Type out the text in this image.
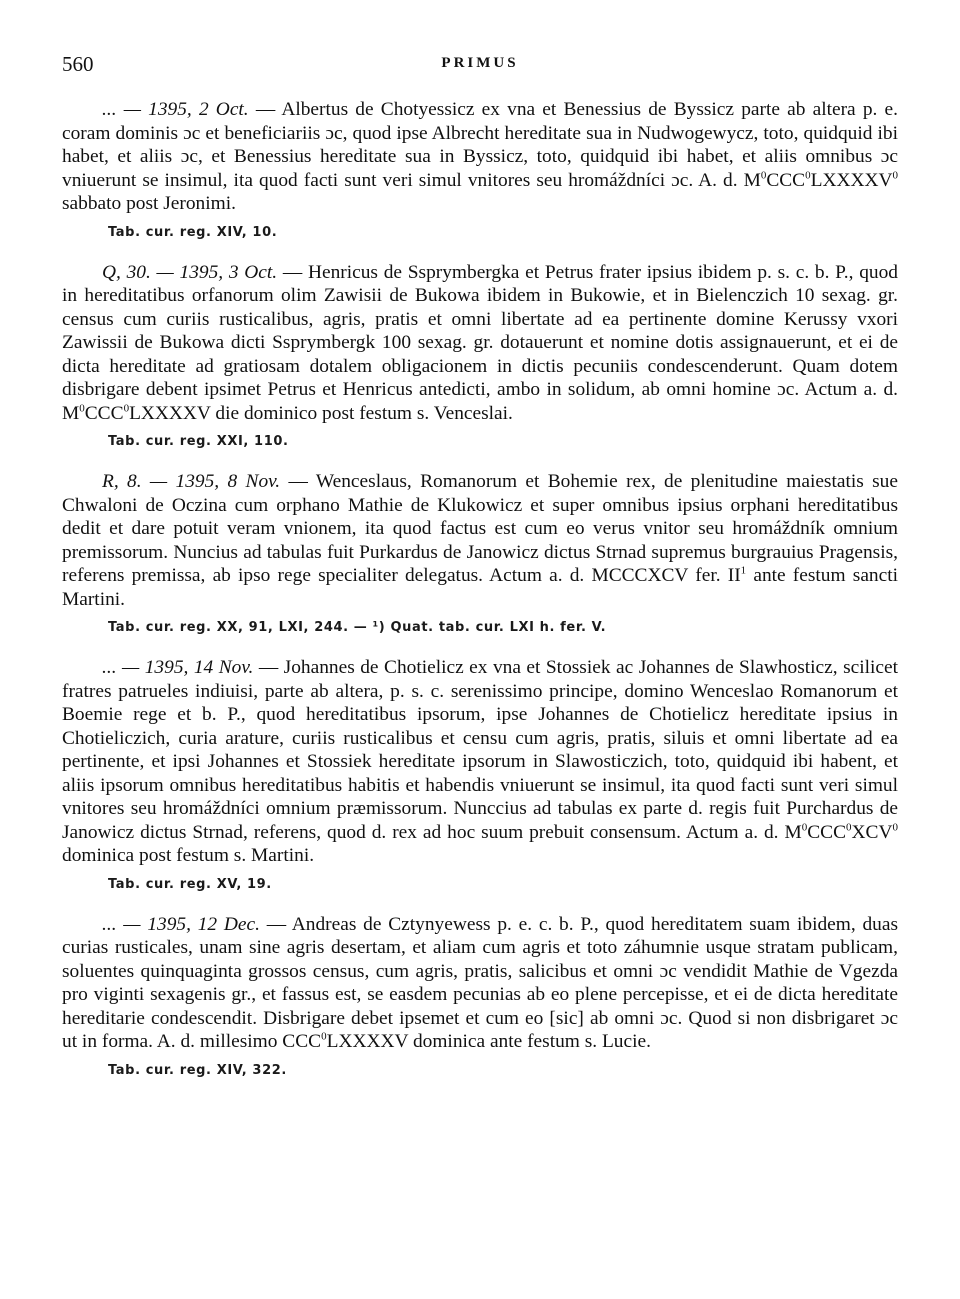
560	PRIMUS

... — 1395, 2 Oct. — Albertus de Chotyessicz ex vna et Benessius de Byssicz parte ab altera p. e. coram dominis ɔc et beneficiariis ɔc, quod ipse Albrecht hereditate sua in Nudwogewycz, toto, quidquid ibi habet, et aliis ɔc, et Benessius hereditate sua in Byssicz, toto, quidquid ibi habet, et aliis omnibus ɔc vniuerunt se insimul, ita quod facti sunt veri simul vnitores seu hromáždníci ɔc. A. d. $M^0CCC^0LXXXXV^0$ sabbato post Jeronimi.

Tab. cur. reg. XIV, 10.

Q, 30. — 1395, 3 Oct. — Henricus de Ssprymbergka et Petrus frater ipsius ibidem p. s. c. b. P., quod in hereditatibus orfanorum olim Zawisii de Bukowa ibidem in Bukowie, et in Bielenczich 10 sexag. gr. census cum curiis rusticalibus, agris, pratis et omni libertate ad ea pertinente domine Kerussy vxori Zawissii de Bukowa dicti Ssprymbergk 100 sexag. gr. dotauerunt et nomine dotis assignauerunt, et ei de dicta hereditate ad gratiosam dotalem obligacionem in dictis pecuniis condescenderunt. Quam dotem disbrigare debent ipsimet Petrus et Henricus antedicti, ambo in solidum, ab omni homine ɔc. Actum a. d. $M^0CCC^0LXXXXV$ die dominico post festum s. Venceslai.

Tab. cur. reg. XXI, 110.

R, 8. — 1395, 8 Nov. — Wenceslaus, Romanorum et Bohemie rex, de plenitudine maiestatis sue Chwaloni de Oczina cum orphano Mathie de Klukowicz et super omnibus ipsius orphani hereditatibus dedit et dare potuit veram vnionem, ita quod factus est cum eo verus vnitor seu hromáždník omnium premissorum. Nuncius ad tabulas fuit Purkardus de Janowicz dictus Strnad supremus burgrauius Pragensis, referens premissa, ab ipso rege specialiter delegatus. Actum a. d. MCCCXCV fer. $II^1$ ante festum sancti Martini.

Tab. cur. reg. XX, 91, LXI, 244. — ¹) Quat. tab. cur. LXI h. fer. V.

... — 1395, 14 Nov. — Johannes de Chotielicz ex vna et Stossiek ac Johannes de Slawhosticz, scilicet fratres patrueles indiuisi, parte ab altera, p. s. c. serenissimo principe, domino Wenceslao Romanorum et Boemie rege et b. P., quod hereditatibus ipsorum, ipse Johannes de Chotielicz hereditate ipsius in Chotieliczich, curia arature, curiis rusticalibus et censu cum agris, pratis, siluis et omni libertate ad ea pertinente, et ipsi Johannes et Stossiek hereditate ipsorum in Slawosticzich, toto, quidquid ibi habent, et aliis ipsorum omnibus hereditatibus habitis et habendis vniuerunt se insimul, ita quod facti sunt veri simul vnitores seu hromáždníci omnium præmissorum. Nunccius ad tabulas ex parte d. regis fuit Purchardus de Janowicz dictus Strnad, referens, quod d. rex ad hoc suum prebuit consensum. Actum a. d. $M^0CCC^0XCV^0$ dominica post festum s. Martini.

Tab. cur. reg. XV, 19.

... — 1395, 12 Dec. — Andreas de Cztynyewess p. e. c. b. P., quod hereditatem suam ibidem, duas curias rusticales, unam sine agris desertam, et aliam cum agris et toto záhumnie usque stratam publicam, soluentes quinquaginta grossos census, cum agris, pratis, salicibus et omni ɔc vendidit Mathie de Vgezda pro viginti sexagenis gr., et fassus est, se easdem pecunias ab eo plene percepisse, et ei de dicta hereditate hereditarie condescendit. Disbrigare debet ipsemet et cum eo [sic] ab omni ɔc. Quod si non disbrigaret ɔc ut in forma. A. d. millesimo CCC$^0$LXXXXV dominica ante festum s. Lucie.

Tab. cur. reg. XIV, 322.
